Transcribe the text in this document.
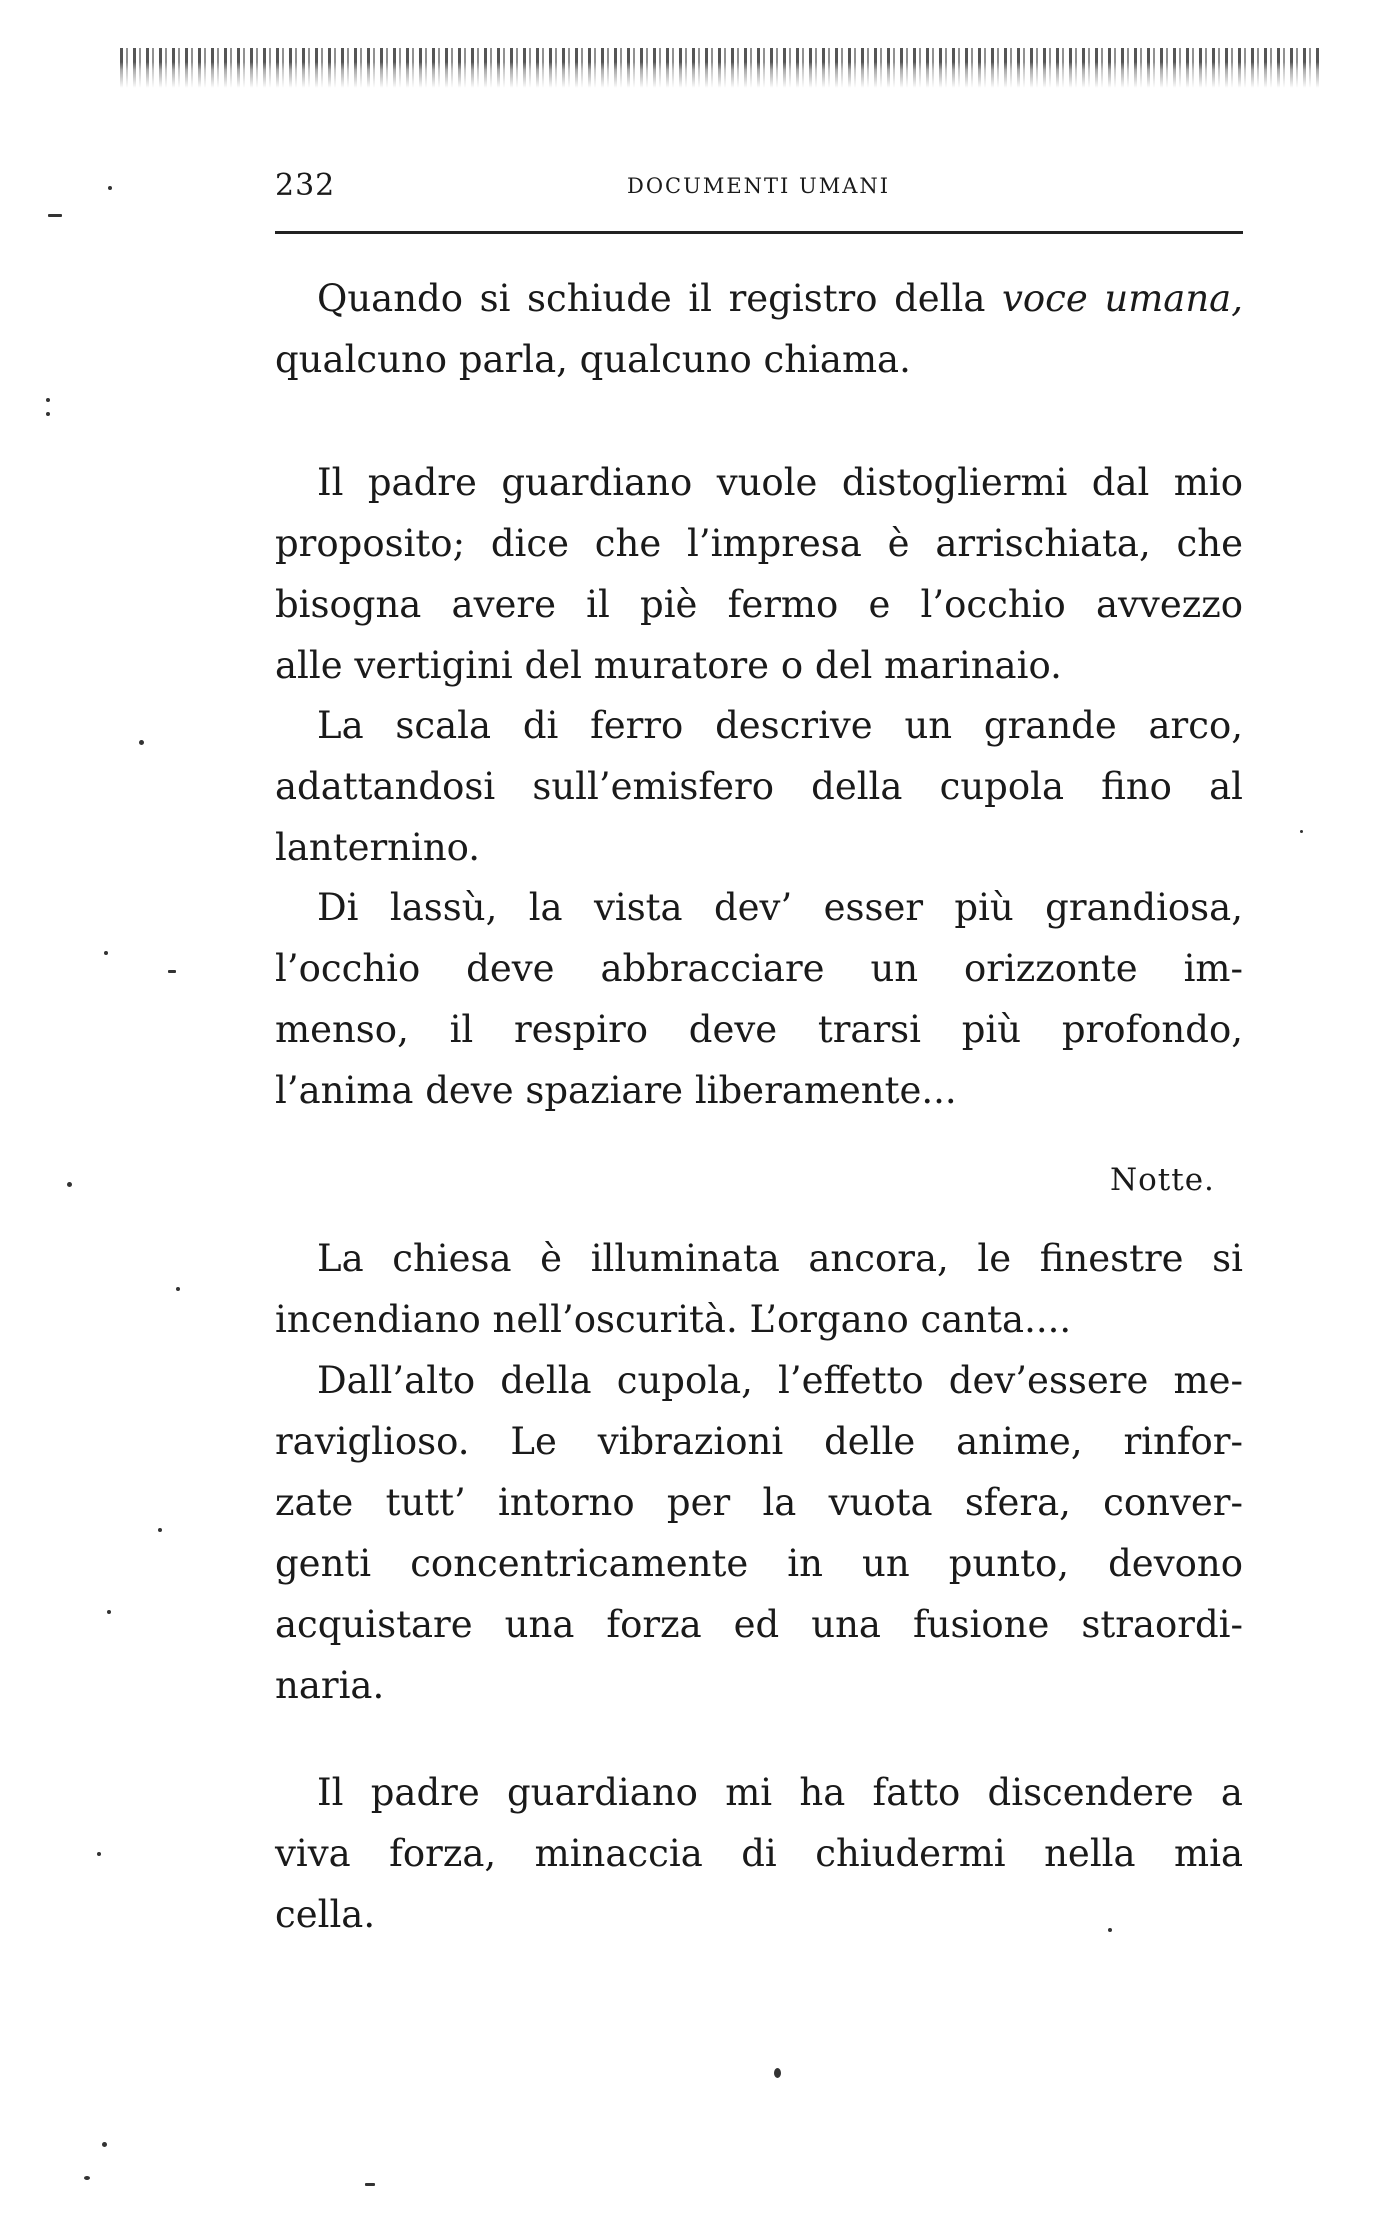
232	DOCUMENTI UMANI
Quando si schiude il registro della voce umana,
qualcuno parla, qualcuno chiama.
Il padre guardiano vuole distogliermi dal mio
proposito; dice che l’impresa è arrischiata, che
bisogna avere il piè fermo e l’occhio avvezzo
alle vertigini del muratore o del marinaio.
La scala di ferro descrive un grande arco,
adattandosi sull’emisfero della cupola fino al
lanternino.
Di lassù, la vista dev’ esser più grandiosa,
l’occhio deve abbracciare un orizzonte im-
menso, il respiro deve trarsi più profondo,
l’anima deve spaziare liberamente...
Notte.
La chiesa è illuminata ancora, le finestre si
incendiano nell’oscurità. L’organo canta....
Dall’alto della cupola, l’effetto dev’essere me-
raviglioso. Le vibrazioni delle anime, rinfor-
zate tutt’ intorno per la vuota sfera, conver-
genti concentricamente in un punto, devono
acquistare una forza ed una fusione straordi-
naria.
Il padre guardiano mi ha fatto discendere a
viva forza, minaccia di chiudermi nella mia
cella.
